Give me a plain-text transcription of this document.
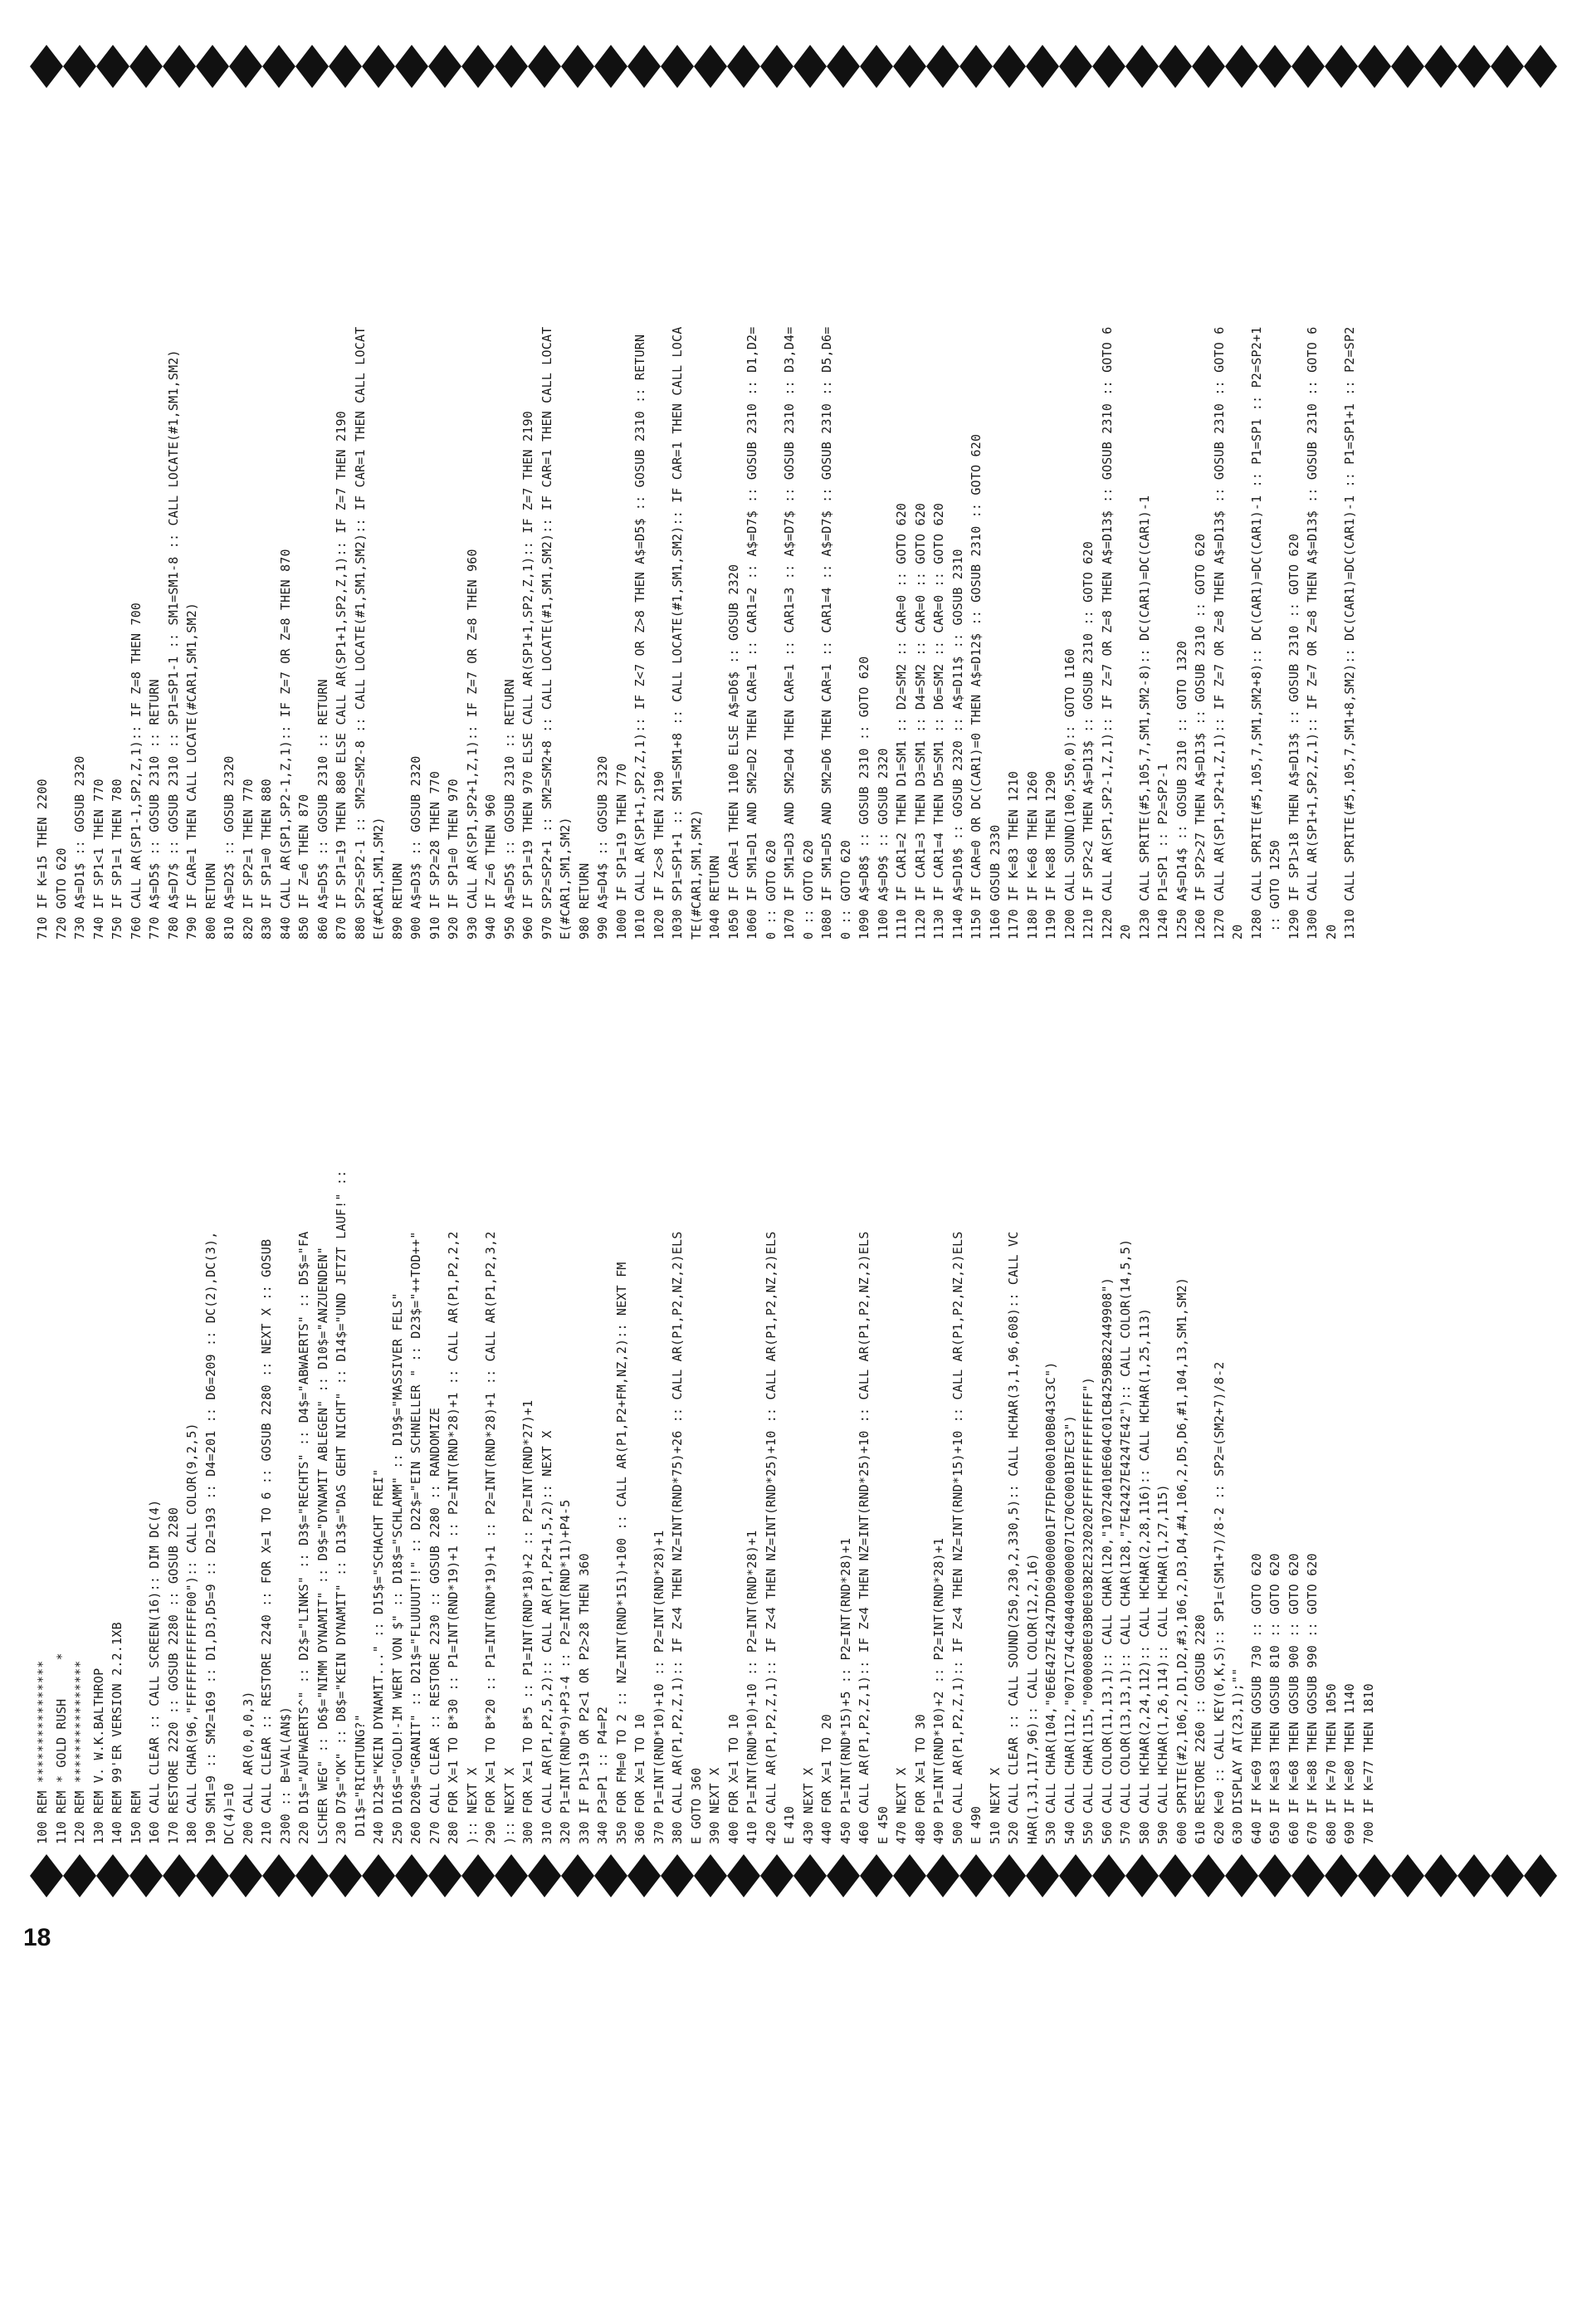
18
100 REM **************** 110 REM * GOLD RUSH     * 120 REM **************** 130 REM V. W.K.BALTHROP 140 REM 99'ER VERSION 2.2.1XB 150 REM 160 CALL CLEAR :: CALL SCREEN(16):: DIM DC(4) 170 RESTORE 2220 :: GOSUB 2280 :: GOSUB 2280 180 CALL CHAR(96,"FFFFFFFFFFFFF00"):: CALL COLOR(9,2,5) 190 SM1=9 :: SM2=169 :: D1,D3,D5=9 :: D2=193 :: D4=201 :: D6=209 :: DC(2),DC(3), DC(4)=10 200 CALL AR(0,0,0,3) 210 CALL CLEAR :: RESTORE 2240 :: FOR X=1 TO 6 :: GOSUB 2280 :: NEXT X :: GOSUB 2300 :: B=VAL(AN$) 220 D1$="AUFWAERTS^" :: D2$="LINKS" :: D3$="RECHTS" :: D4$="ABWAERTS" :: D5$="FA LSCHER WEG" :: D6$="NIMM DYNAMIT" :: D9$="DYNAMIT ABLEGEN" :: D10$="ANZUENDEN" 230 D7$="OK" :: D8$="KEIN DYNAMIT" :: D13$="DAS GEHT NICHT" :: D14$="UND JETZT LAUF!" :: D11$="RICHTUNG?" 240 D12$="KEIN DYNAMIT..." :: D15$="SCHACHT FREI" 250 D16$="GOLD!-IM WERT VON $" :: D18$="SCHLAMM" :: D19$="MASSIVER FELS" 260 D20$="GRANIT" :: D21$="FLUUUUT!!" :: D22$="EIN SCHNELLER " :: D23$="++TOD++" 270 CALL CLEAR :: RESTORE 2230 :: GOSUB 2280 :: RANDOMIZE 280 FOR X=1 TO B*30 :: P1=INT(RND*19)+1 :: P2=INT(RND*28)+1 :: CALL AR(P1,P2,2,2 ):: NEXT X 290 FOR X=1 TO B*20 :: P1=INT(RND*19)+1 :: P2=INT(RND*28)+1 :: CALL AR(P1,P2,3,2 ):: NEXT X 300 FOR X=1 TO B*5 :: P1=INT(RND*18)+2 :: P2=INT(RND*27)+1 310 CALL AR(P1,P2,5,2):: CALL AR(P1,P2+1,5,2):: NEXT X 320 P1=INT(RND*9)+P3-4 :: P2=INT(RND*11)+P4-5 330 IF P1>19 OR P2<1 OR P2>28 THEN 360 340 P3=P1 :: P4=P2 350 FOR FM=0 TO 2 :: NZ=INT(RND*151)+100 :: CALL AR(P1,P2+FM,NZ,2):: NEXT FM 360 FOR X=1 TO 10 370 P1=INT(RND*10)+10 :: P2=INT(RND*28)+1 380 CALL AR(P1,P2,Z,1):: IF Z<4 THEN NZ=INT(RND*75)+26 :: CALL AR(P1,P2,NZ,2)ELS E GOTO 360 390 NEXT X 400 FOR X=1 TO 10 410 P1=INT(RND*10)+10 :: P2=INT(RND*28)+1 420 CALL AR(P1,P2,Z,1):: IF Z<4 THEN NZ=INT(RND*25)+10 :: CALL AR(P1,P2,NZ,2)ELS E 410 430 NEXT X 440 FOR X=1 TO 20 450 P1=INT(RND*15)+5 :: P2=INT(RND*28)+1 460 CALL AR(P1,P2,Z,1):: IF Z<4 THEN NZ=INT(RND*25)+10 :: CALL AR(P1,P2,NZ,2)ELS E 450 470 NEXT X 480 FOR X=1 TO 30 490 P1=INT(RND*10)+2 :: P2=INT(RND*28)+1 500 CALL AR(P1,P2,Z,1):: IF Z<4 THEN NZ=INT(RND*15)+10 :: CALL AR(P1,P2,NZ,2)ELS E 490 510 NEXT X 520 CALL CLEAR :: CALL SOUND(250,230,2,330,5):: CALL HCHAR(3,1,96,608):: CALL VC HAR(1,31,117,96):: CALL COLOR(12,2,16) 530 CALL CHAR(104,"0E6E427E4247DD090000001F7FDF0000100B043C3C") 540 CALL CHAR(112,"0071C74C40404000000071C70C0001B7EC3") 550 CALL CHAR(115,"0000080E03B0E03B2E2320202FFFFFFFFFFFFFFF") 560 CALL COLOR(11,13,1):: CALL CHAR(120,"10724010E604C01CB4259B822449908") 570 CALL COLOR(13,13,1):: CALL CHAR(128,"7E42427E4247E42"):: CALL COLOR(14,5,5) 580 CALL HCHAR(2,24,112):: CALL HCHAR(2,28,116):: CALL HCHAR(1,25,113) 590 CALL HCHAR(1,26,114):: CALL HCHAR(1,27,115) 600 SPRITE(#2,106,2,D1,D2,#3,106,2,D3,D4,#4,106,2,D5,D6,#1,104,13,SM1,SM2) 610 RESTORE 2260 :: GOSUB 2280 620 K=0 :: CALL KEY(0,K,S):: SP1=(SM1+7)/8-2 :: SP2=(SM2+7)/8-2 630 DISPLAY AT(23,1);"" 640 IF K=69 THEN GOSUB 730 :: GOTO 620 650 IF K=83 THEN GOSUB 810 :: GOTO 620 660 IF K=68 THEN GOSUB 900 :: GOTO 620 670 IF K=88 THEN GOSUB 990 :: GOTO 620 680 IF K=70 THEN 1050 690 IF K=80 THEN 1140 700 IF K=77 THEN 1810
710 IF K=15 THEN 2200 720 GOTO 620 730 A$=D1$ :: GOSUB 2320 740 IF SP1<1 THEN 770 750 IF SP1=1 THEN 780 760 CALL AR(SP1-1,SP2,Z,1):: IF Z=8 THEN 700 770 A$=D5$ :: GOSUB 2310 :: RETURN 780 A$=D7$ :: GOSUB 2310 :: SP1=SP1-1 :: SM1=SM1-8 :: CALL LOCATE(#1,SM1,SM2) 790 IF CAR=1 THEN CALL LOCATE(#CAR1,SM1,SM2) 800 RETURN 810 A$=D2$ :: GOSUB 2320 820 IF SP2=1 THEN 770 830 IF SP1=0 THEN 880 840 CALL AR(SP1,SP2-1,Z,1):: IF Z=7 OR Z=8 THEN 870 850 IF Z=6 THEN 870 860 A$=D5$ :: GOSUB 2310 :: RETURN 870 IF SP1=19 THEN 880 ELSE CALL AR(SP1+1,SP2,Z,1):: IF Z=7 THEN 2190 880 SP2=SP2-1 :: SM2=SM2-8 :: CALL LOCATE(#1,SM1,SM2):: IF CAR=1 THEN CALL LOCAT E(#CAR1,SM1,SM2) 890 RETURN 900 A$=D3$ :: GOSUB 2320 910 IF SP2=28 THEN 770 920 IF SP1=0 THEN 970 930 CALL AR(SP1,SP2+1,Z,1):: IF Z=7 OR Z=8 THEN 960 940 IF Z=6 THEN 960 950 A$=D5$ :: GOSUB 2310 :: RETURN 960 IF SP1=19 THEN 970 ELSE CALL AR(SP1+1,SP2,Z,1):: IF Z=7 THEN 2190 970 SP2=SP2+1 :: SM2=SM2+8 :: CALL LOCATE(#1,SM1,SM2):: IF CAR=1 THEN CALL LOCAT E(#CAR1,SM1,SM2) 980 RETURN 990 A$=D4$ :: GOSUB 2320 1000 IF SP1=19 THEN 770 1010 CALL AR(SP1+1,SP2,Z,1):: IF Z<7 OR Z>8 THEN A$=D5$ :: GOSUB 2310 :: RETURN 1020 IF Z<>8 THEN 2190 1030 SP1=SP1+1 :: SM1=SM1+8 :: CALL LOCATE(#1,SM1,SM2):: IF CAR=1 THEN CALL LOCA TE(#CAR1,SM1,SM2) 1040 RETURN 1050 IF CAR=1 THEN 1100 ELSE A$=D6$ :: GOSUB 2320 1060 IF SM1=D1 AND SM2=D2 THEN CAR=1 :: CAR1=2 :: A$=D7$ :: GOSUB 2310 :: D1,D2= 0 :: GOTO 620 1070 IF SM1=D3 AND SM2=D4 THEN CAR=1 :: CAR1=3 :: A$=D7$ :: GOSUB 2310 :: D3,D4= 0 :: GOTO 620 1080 IF SM1=D5 AND SM2=D6 THEN CAR=1 :: CAR1=4 :: A$=D7$ :: GOSUB 2310 :: D5,D6= 0 :: GOTO 620 1090 A$=D8$ :: GOSUB 2310 :: GOTO 620 1100 A$=D9$ :: GOSUB 2320 1110 IF CAR1=2 THEN D1=SM1 :: D2=SM2 :: CAR=0 :: GOTO 620 1120 IF CAR1=3 THEN D3=SM1 :: D4=SM2 :: CAR=0 :: GOTO 620 1130 IF CAR1=4 THEN D5=SM1 :: D6=SM2 :: CAR=0 :: GOTO 620 1140 A$=D10$ :: GOSUB 2320 :: A$=D11$ :: GOSUB 2310 1150 IF CAR=0 OR DC(CAR1)=0 THEN A$=D12$ :: GOSUB 2310 :: GOTO 620 1160 GOSUB 2330 1170 IF K=83 THEN 1210 1180 IF K=68 THEN 1260 1190 IF K=88 THEN 1290 1200 CALL SOUND(100,550,0):: GOTO 1160 1210 IF SP2<2 THEN A$=D13$ :: GOSUB 2310 :: GOTO 620 1220 CALL AR(SP1,SP2-1,Z,1):: IF Z=7 OR Z=8 THEN A$=D13$ :: GOSUB 2310 :: GOTO 6 20 1230 CALL SPRITE(#5,105,7,SM1,SM2-8):: DC(CAR1)=DC(CAR1)-1 1240 P1=SP1 :: P2=SP2-1 1250 A$=D14$ :: GOSUB 2310 :: GOTO 1320 1260 IF SP2>27 THEN A$=D13$ :: GOSUB 2310 :: GOTO 620 1270 CALL AR(SP1,SP2+1,Z,1):: IF Z=7 OR Z=8 THEN A$=D13$ :: GOSUB 2310 :: GOTO 6 20 1280 CALL SPRITE(#5,105,7,SM1,SM2+8):: DC(CAR1)=DC(CAR1)-1 :: P1=SP1 :: P2=SP2+1 :: GOTO 1250 1290 IF SP1>18 THEN A$=D13$ :: GOSUB 2310 :: GOTO 620 1300 CALL AR(SP1+1,SP2,Z,1):: IF Z=7 OR Z=8 THEN A$=D13$ :: GOSUB 2310 :: GOTO 6 20 1310 CALL SPRITE(#5,105,7,SM1+8,SM2):: DC(CAR1)=DC(CAR1)-1 :: P1=SP1+1 :: P2=SP2
